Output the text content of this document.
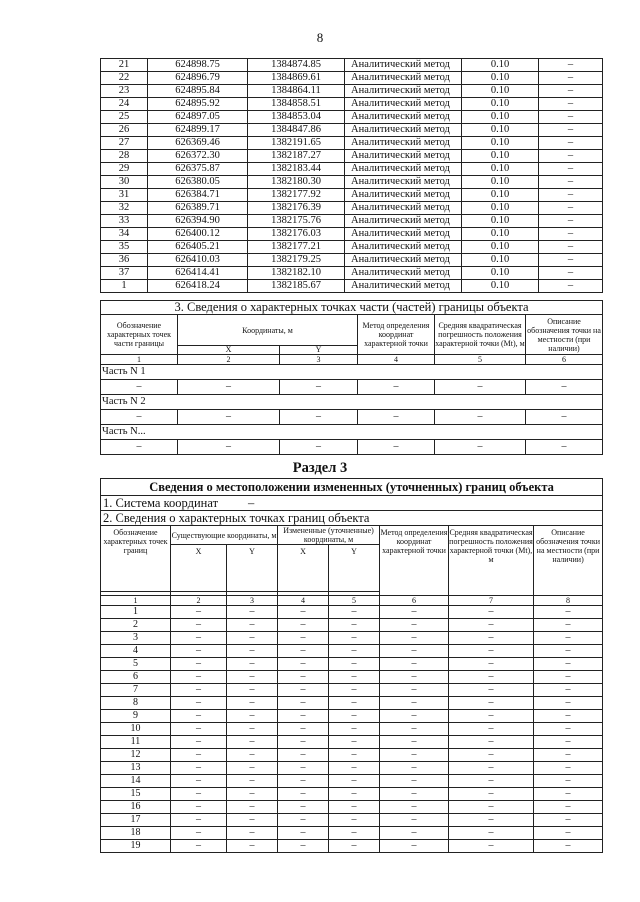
8
21	624898.75	1384874.85	Аналитический метод	0.10	–
22	624896.79	1384869.61	Аналитический метод	0.10	–
23	624895.84	1384864.11	Аналитический метод	0.10	–
24	624895.92	1384858.51	Аналитический метод	0.10	–
25	624897.05	1384853.04	Аналитический метод	0.10	–
26	624899.17	1384847.86	Аналитический метод	0.10	–
27	626369.46	1382191.65	Аналитический метод	0.10	–
28	626372.30	1382187.27	Аналитический метод	0.10	–
29	626375.87	1382183.44	Аналитический метод	0.10	–
30	626380.05	1382180.30	Аналитический метод	0.10	–
31	626384.71	1382177.92	Аналитический метод	0.10	–
32	626389.71	1382176.39	Аналитический метод	0.10	–
33	626394.90	1382175.76	Аналитический метод	0.10	–
34	626400.12	1382176.03	Аналитический метод	0.10	–
35	626405.21	1382177.21	Аналитический метод	0.10	–
36	626410.03	1382179.25	Аналитический метод	0.10	–
37	626414.41	1382182.10	Аналитический метод	0.10	–
1	626418.24	1382185.67	Аналитический метод	0.10	–
3. Сведения о характерных точках части (частей) границы объекта					
Обозначение характерных точек части границы	Координаты, м		Метод определения координат характерной точки	Средняя квадратическая погрешность положения характерной точки (Mt), м	Описание обозначения точки на местности (при наличии)
	X	Y			
1	2	3	4	5	6
Часть N 1					
–	–	–	–	–	–
Часть N 2					
–	–	–	–	–	–
Часть N...					
–	–	–	–	–	–
Раздел 3
Сведения о местоположении измененных (уточненных) границ объекта							
1. Система координат –							
2. Сведения о характерных точках границ объекта							
Обозначение характерных точек границ	Существующие координаты, м		Измененные (уточненные) координаты, м		Метод определения координат характерной точки	Средняя квадратическая погрешность положения характерной точки (Mt), м	Описание обозначения точки на местности (при наличии)
	X	Y	X	Y			

1	2	3	4	5	6	7	8
1	–	–	–	–	–	–	–
2	–	–	–	–	–	–	–
3	–	–	–	–	–	–	–
4	–	–	–	–	–	–	–
5	–	–	–	–	–	–	–
6	–	–	–	–	–	–	–
7	–	–	–	–	–	–	–
8	–	–	–	–	–	–	–
9	–	–	–	–	–	–	–
10	–	–	–	–	–	–	–
11	–	–	–	–	–	–	–
12	–	–	–	–	–	–	–
13	–	–	–	–	–	–	–
14	–	–	–	–	–	–	–
15	–	–	–	–	–	–	–
16	–	–	–	–	–	–	–
17	–	–	–	–	–	–	–
18	–	–	–	–	–	–	–
19	–	–	–	–	–	–	–
